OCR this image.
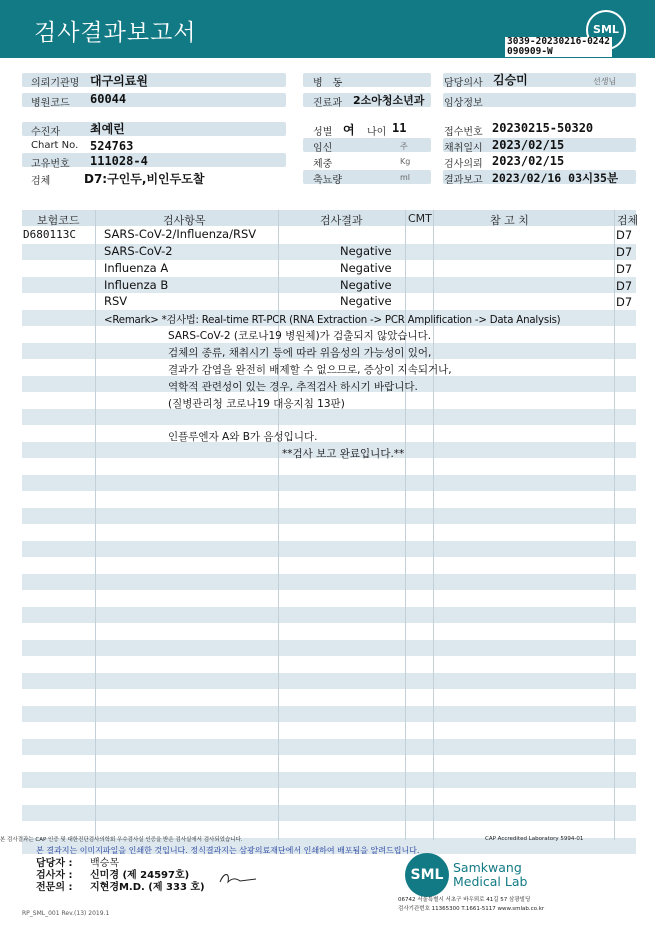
검사결과보고서	SML
3039-20230216-0242
090909-W
의뢰기관명 대구의료원
병원코드 60044
수진자	최예린
Chart No. 524763
고유번호 111028-4
검체	D7:구인두,비인두도찰
병　동
진료과 2소아청소년과
성별 여 나이 11
임신	주
체중	Kg
축뇨량	ml
담당의사 김승미	선생님
임상정보
접수번호 20230215-50320
채취일시 2023/02/15
검사의뢰 2023/02/15
결과보고 2023/02/16 03시35분
보험코드	검사항목	검사결과	CMT	참 고 치	검체
D680113C SARS-CoV-2/Influenza/RSV	D7
SARS-CoV-2	Negative	D7
Influenza A	Negative	D7
Influenza B	Negative	D7
RSV	Negative	D7
<Remark> *검사법: Real-time RT-PCR (RNA Extraction -> PCR Amplification -> Data Analysis)
SARS-CoV-2 (코로나19 병원체)가 검출되지 않았습니다.
검체의 종류, 채취시기 등에 따라 위음성의 가능성이 있어,
결과가 감염을 완전히 배제할 수 없으므로, 증상이 지속되거나,
역학적 관련성이 있는 경우, 추적검사 하시기 바랍니다.
(질병관리청 코로나19 대응지침 13판)
인플루엔자 A와 B가 음성입니다.
**검사 보고 완료입니다.**
본 검사결과는 CAP 인증 및 대한진단검사의학회 우수검사실 인증을 받은 검사실에서 검사되었습니다.	CAP Accredited Laboratory 5994-01
본 결과지는 이미지파일을 인쇄한 것입니다. 정식결과지는 삼광의료재단에서 인쇄하여 배포됨을 알려드립니다.
담당자 : 백승목
검사자 : 신미경 (제 24597호)
전문의 : 지현경M.D. (제 333 호)
SML Samkwang
Medical Lab
06742 서울특별시 서초구 바우뫼로 41길 57 삼광빌딩
검사기관번호 11365300 T.1661-5117 www.smlab.co.kr
RP_SML_001 Rev.(13) 2019.1
